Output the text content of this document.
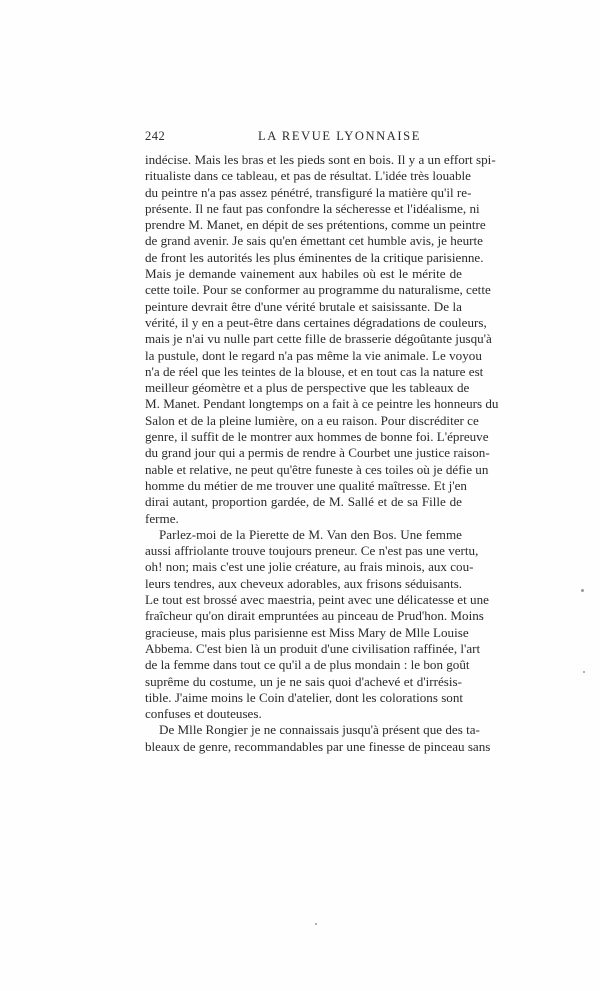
242	LA REVUE LYONNAISE
indécise. Mais les bras et les pieds sont en bois. Il y a un effort spi-
ritualiste dans ce tableau, et pas de résultat. L'idée très louable
du peintre n'a pas assez pénétré, transfiguré la matière qu'il re-
présente. Il ne faut pas confondre la sécheresse et l'idéalisme, ni
prendre M. Manet, en dépit de ses prétentions, comme un peintre
de grand avenir. Je sais qu'en émettant cet humble avis, je heurte
de front les autorités les plus éminentes de la critique parisienne.
Mais je demande vainement aux habiles où est le mérite de
cette toile. Pour se conformer au programme du naturalisme, cette
peinture devrait être d'une vérité brutale et saisissante. De la
vérité, il y en a peut-être dans certaines dégradations de couleurs,
mais je n'ai vu nulle part cette fille de brasserie dégoûtante jusqu'à
la pustule, dont le regard n'a pas même la vie animale. Le voyou
n'a de réel que les teintes de la blouse, et en tout cas la nature est
meilleur géomètre et a plus de perspective que les tableaux de
M. Manet. Pendant longtemps on a fait à ce peintre les honneurs du
Salon et de la pleine lumière, on a eu raison. Pour discréditer ce
genre, il suffit de le montrer aux hommes de bonne foi. L'épreuve
du grand jour qui a permis de rendre à Courbet une justice raison-
nable et relative, ne peut qu'être funeste à ces toiles où je défie un
homme du métier de me trouver une qualité maîtresse. Et j'en
dirai autant, proportion gardée, de M. Sallé et de sa Fille de
ferme.
Parlez-moi de la Pierette de M. Van den Bos. Une femme
aussi affriolante trouve toujours preneur. Ce n'est pas une vertu,
oh! non; mais c'est une jolie créature, au frais minois, aux cou-
leurs tendres, aux cheveux adorables, aux frisons séduisants.
Le tout est brossé avec maestria, peint avec une délicatesse et une
fraîcheur qu'on dirait empruntées au pinceau de Prud'hon. Moins
gracieuse, mais plus parisienne est Miss Mary de Mlle Louise
Abbema. C'est bien là un produit d'une civilisation raffinée, l'art
de la femme dans tout ce qu'il a de plus mondain : le bon goût
suprême du costume, un je ne sais quoi d'achevé et d'irrésis-
tible. J'aime moins le Coin d'atelier, dont les colorations sont
confuses et douteuses.
De Mlle Rongier je ne connaissais jusqu'à présent que des ta-
bleaux de genre, recommandables par une finesse de pinceau sans
